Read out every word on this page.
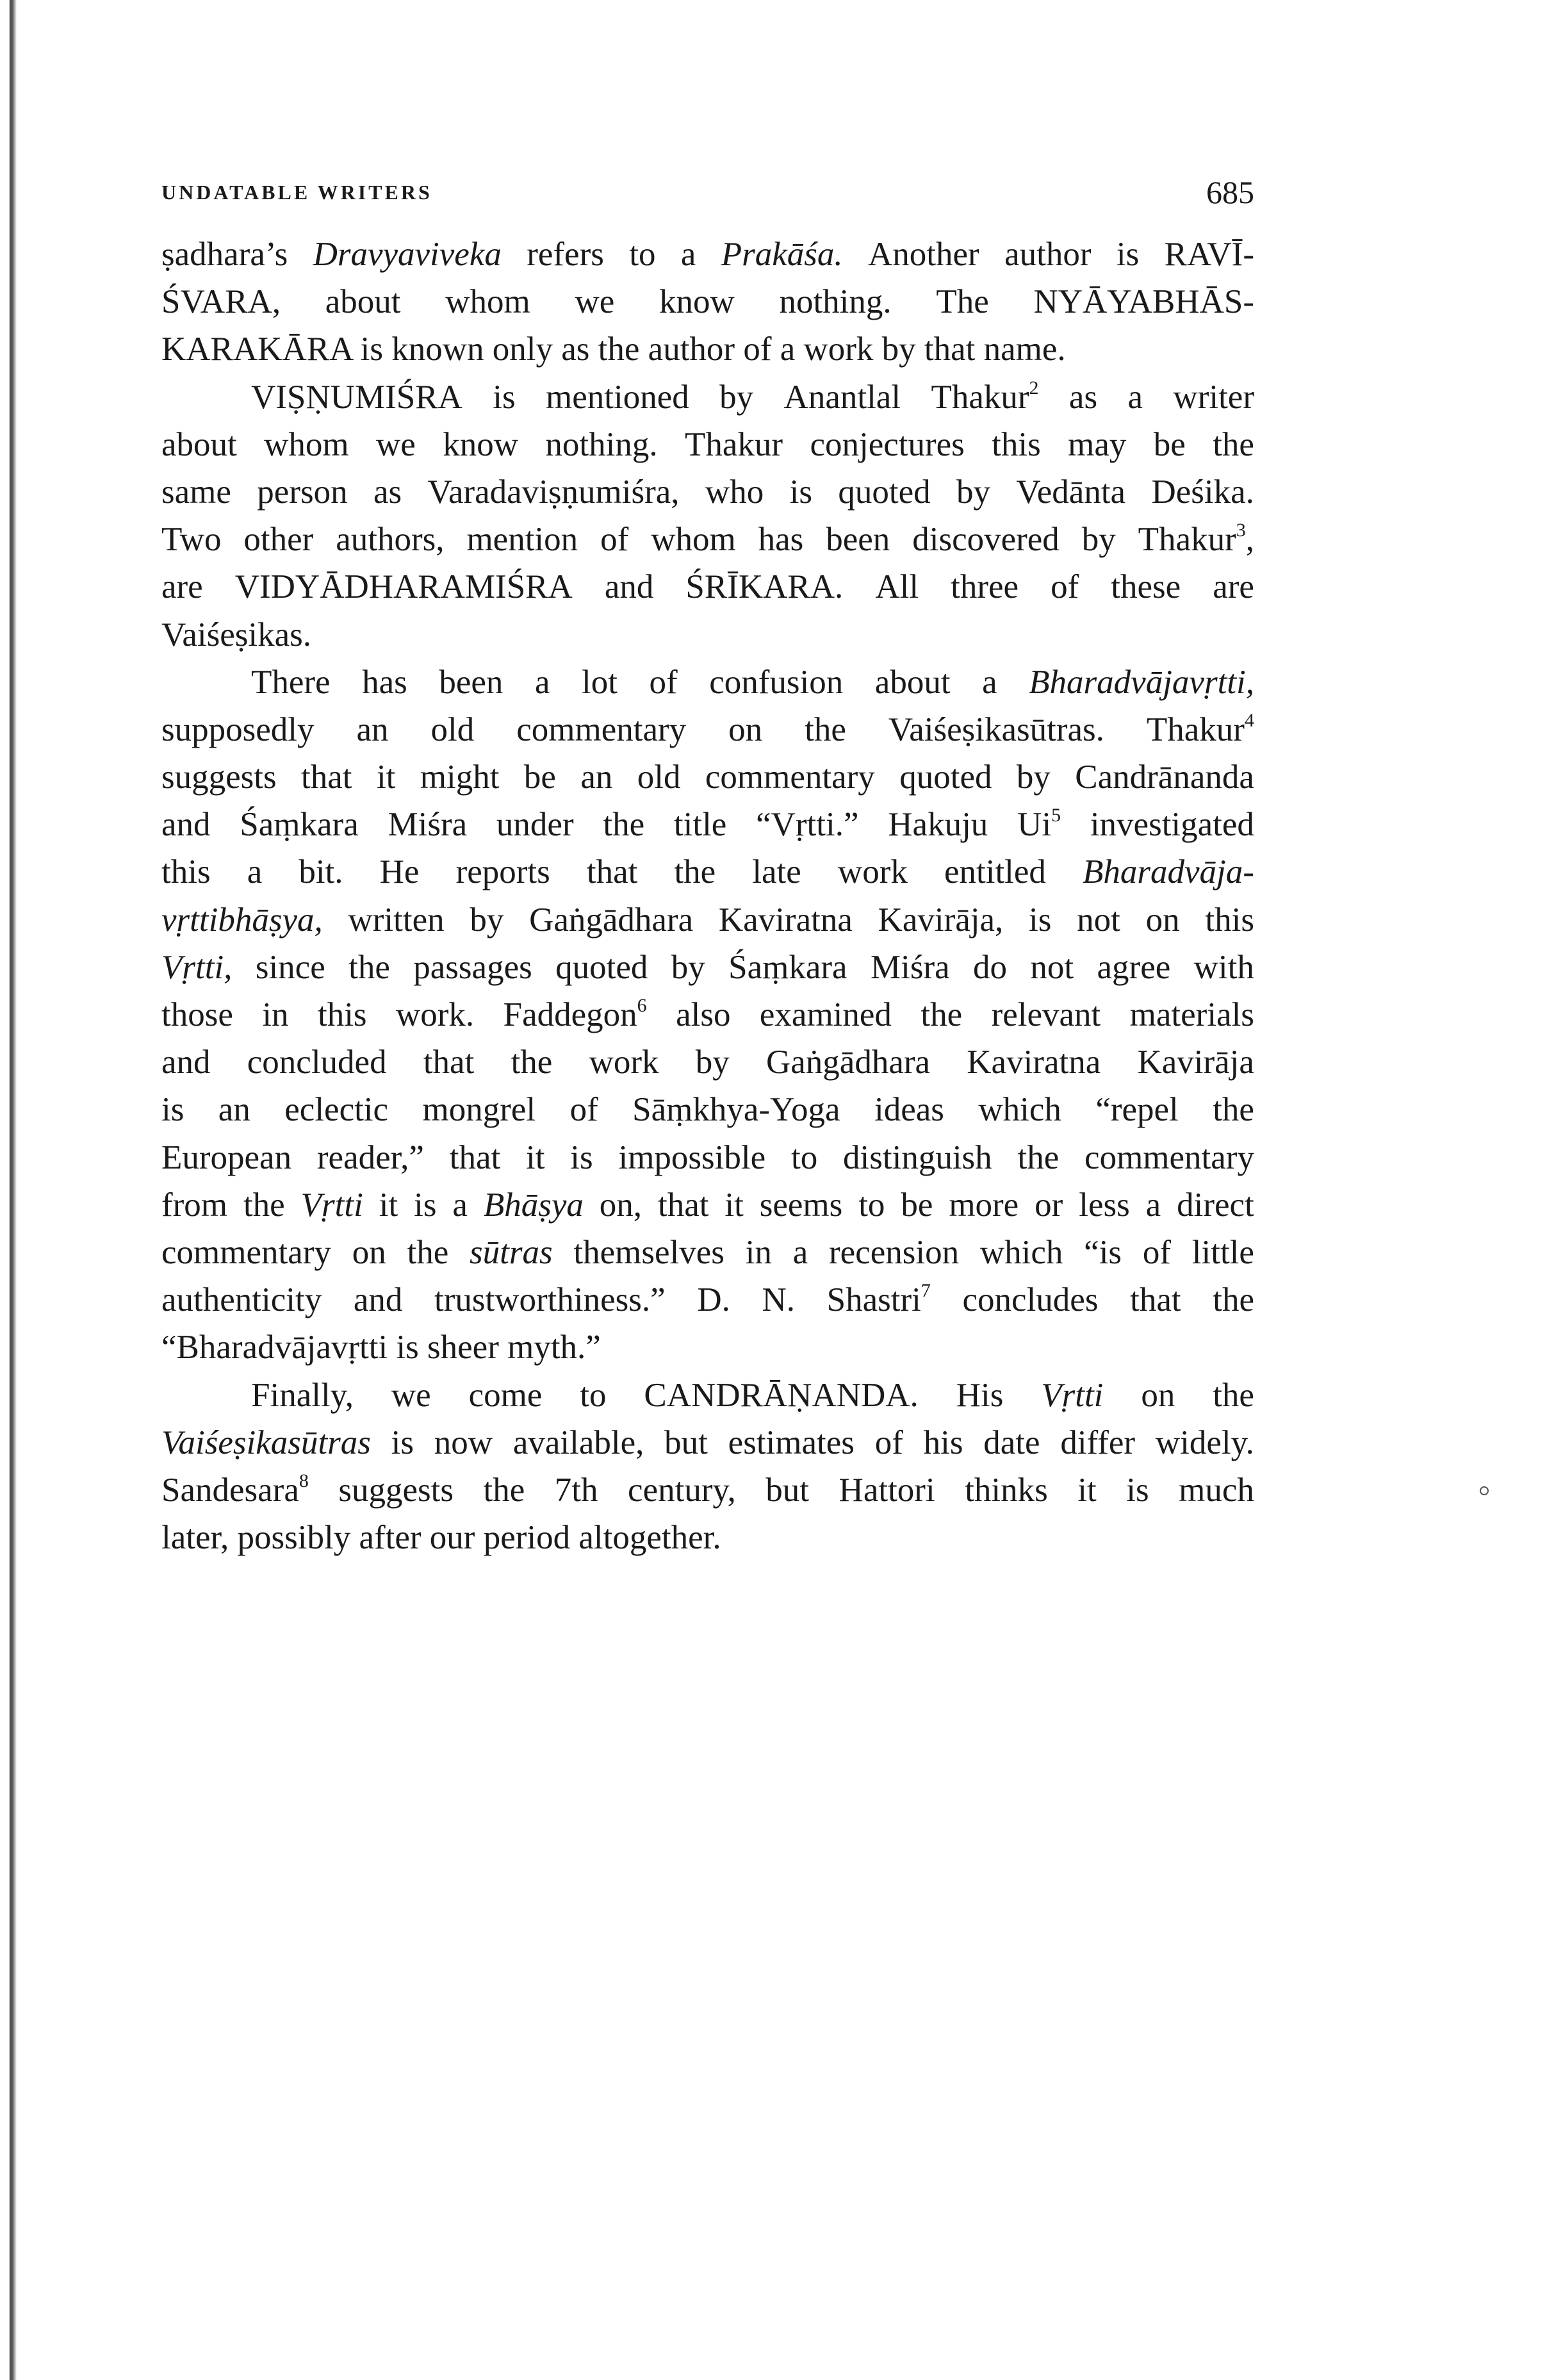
UNDATABLE WRITERS	685
ṣadhara’s Dravyaviveka refers to a Prakāśa. Another author is RAVĪ-
ŚVARA, about whom we know nothing. The NYĀYABHĀS-
KARAKĀRA is known only as the author of a work by that name.
VIṢṆUMIŚRA is mentioned by Anantlal Thakur$^2$ as a writer
about whom we know nothing. Thakur conjectures this may be the
same person as Varadaviṣṇumiśra, who is quoted by Vedānta Deśika.
Two other authors, mention of whom has been discovered by Thakur$^3$,
are VIDYĀDHARAMIŚRA and ŚRĪKARA. All three of these are
Vaiśeṣikas.
There has been a lot of confusion about a Bharadvājavṛtti,
supposedly an old commentary on the Vaiśeṣikasūtras. Thakur$^4$
suggests that it might be an old commentary quoted by Candrānanda
and Śaṃkara Miśra under the title “Vṛtti.” Hakuju Ui$^5$ investigated
this a bit. He reports that the late work entitled Bharadvāja-
vṛttibhāṣya, written by Gaṅgādhara Kaviratna Kavirāja, is not on this
Vṛtti, since the passages quoted by Śaṃkara Miśra do not agree with
those in this work. Faddegon$^6$ also examined the relevant materials
and concluded that the work by Gaṅgādhara Kaviratna Kavirāja
is an eclectic mongrel of Sāṃkhya-Yoga ideas which “repel the
European reader,” that it is impossible to distinguish the commentary
from the Vṛtti it is a Bhāṣya on, that it seems to be more or less a direct
commentary on the sūtras themselves in a recension which “is of little
authenticity and trustworthiness.” D. N. Shastri$^7$ concludes that the
“Bharadvājavṛtti is sheer myth.”
Finally, we come to CANDRĀṆANDA. His Vṛtti on the
Vaiśeṣikasūtras is now available, but estimates of his date differ widely.
Sandesara$^8$ suggests the 7th century, but Hattori thinks it is much
later, possibly after our period altogether.
